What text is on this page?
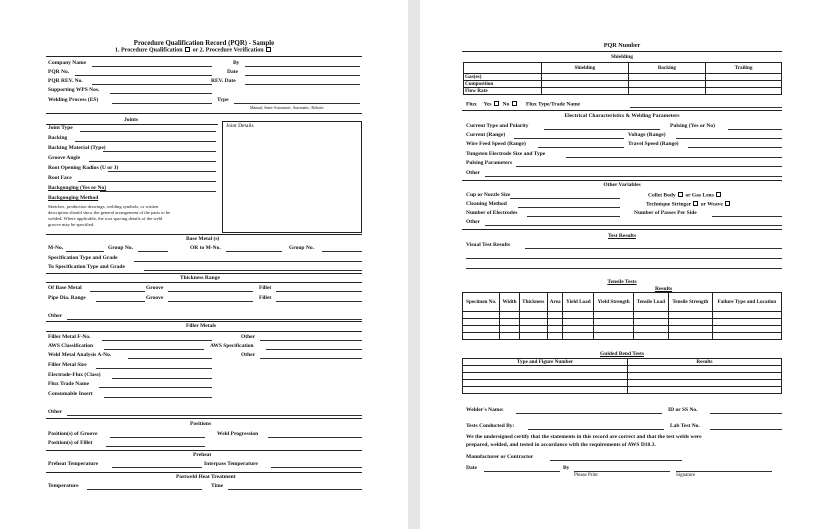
Procedure Qualification Record (PQR) - Sample
1. Procedure Qualification or 2. Procedure Verification
Company Name	By
PQR No.	Date
PQR REV. No.	REV. Date
Supporting WPS Nos.
Welding Process (ES)	Type
Manual, Semi-Automatic, Automatic, Robotic
Joints
Joint Type
Backing
Backing Material (Type)
Groove Angle
Root Opening Radius (U or J)
Root Face
Backgouging (Yes or No)
Backgouging Method
Joint Details
Sketches, production drawings, welding symbols, or written
description should show the general arrangement of the parts to be
welded. Where applicable, the root spacing details of the weld
groove may be specified.
Base Metal (s)
M-No.	Group No.	OR to M-No.	Group No.
Specification Type and Grade
To Specification Type and Grade
Thickness Range
Of Base Metal	Groove	Fillet
Pipe Dia. Range	Groove	Fillet
Other
Filler Metals
Filler Metal F-No.	Other
AWS Classification	AWS Specification
Weld Metal Analysis A-No.	Other
Filler Metal Size
Electrode-Flux (Class)
Flux Trade Name
Consumable Insert
Other
Positions
Position(s) of Groove	Weld Progression
Position(s) of Fillet
Preheat
Preheat Temperature	Interpass Temperature
Postweld Heat Treatment
Temperature	Time
PQR Number
Shielding
	Shielding	Backing	Trailing
Gas(es)			
Composition			
Flow Rate			
Flux Yes No	Flux Type/Trade Name
Electrical Characteristics & Welding Parameters
Current Type and Polarity	Pulsing (Yes or No)
Current (Range)	Voltage (Range)
Wire Feed Speed (Range)	Travel Speed (Range)
Tungsten Electrode Size and Type
Pulsing Parameters
Other
Other Variables
Cup or Nozzle Size	Collet Body or Gas Lens
Cleaning Method	Technique Stringer or Weave
Number of Electrodes	Number of Passes Per Side
Other
Test Results
Visual Test Results
Tensile Tests
Results
Specimen No.	Width	Thickness	Area	Yield Load	Yield Strength	Tensile Load	Tensile Strength	Failure Type and Location

Guided Bend Tests
Type and Figure Number	Results

Welder's Name:	ID or SS No.
Tests Conducted By:	Lab Test No.
We the undersigned certify that the statements in this record are correct and that the test welds were
prepared, welded, and tested in accordance with the requirements of AWS D18.3.
Manufacturer or Contractor
Date	By
Please Print	Signature
